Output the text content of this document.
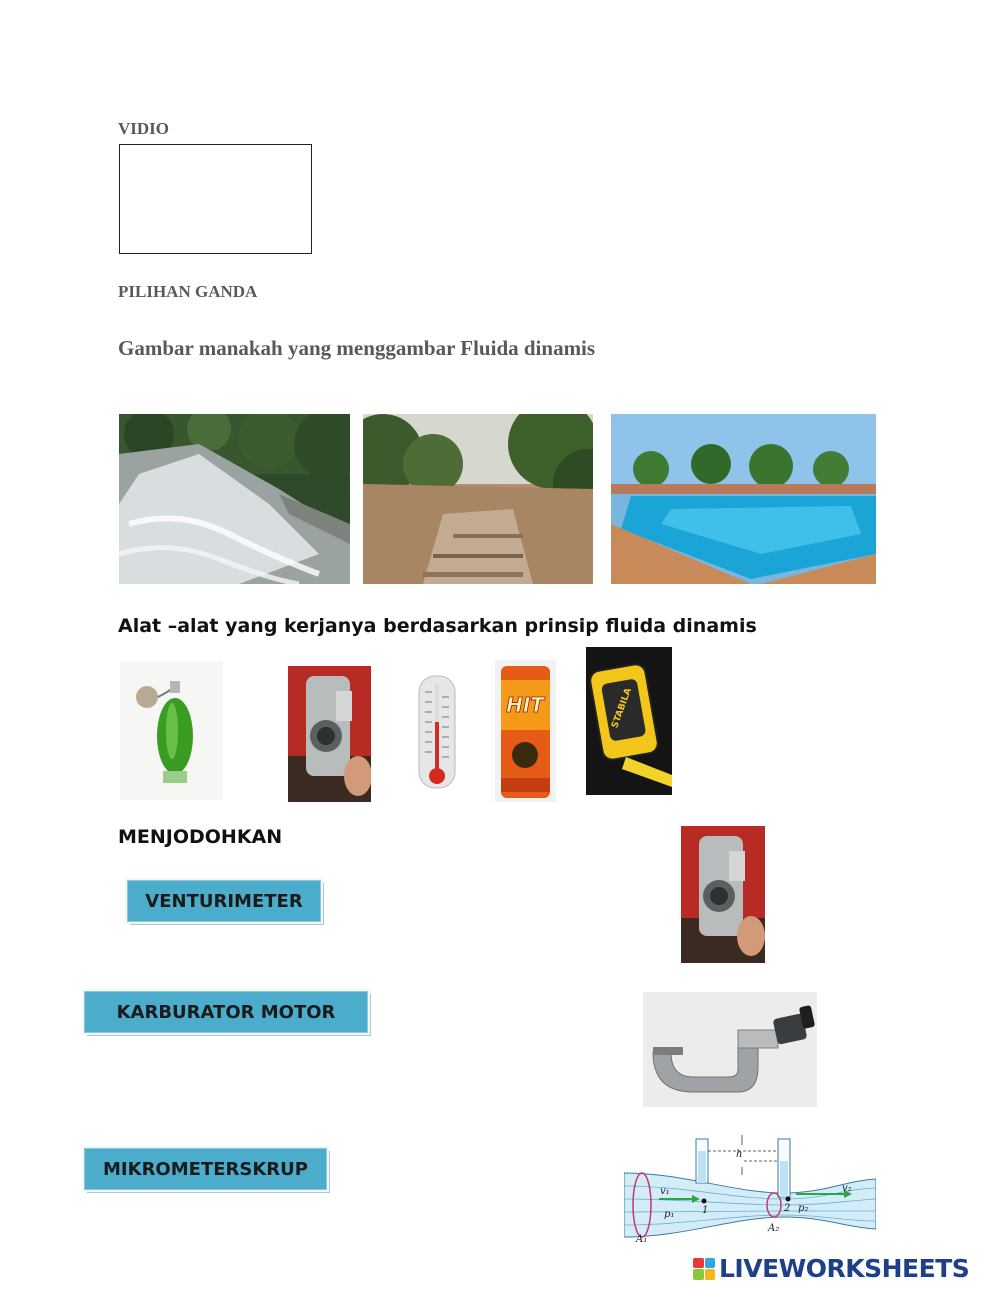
VIDIO
PILIHAN GANDA
Gambar manakah yang menggambar Fluida dinamis
Alat –alat yang kerjanya berdasarkan prinsip fluida dinamis
HIT	STABILA
MENJODOHKAN
VENTURIMETER
KARBURATOR MOTOR
MIKROMETERSKRUP
v₁
p₁
A₁
1
h
2 p₂
A₂
v₂
LIVEWORKSHEETS
